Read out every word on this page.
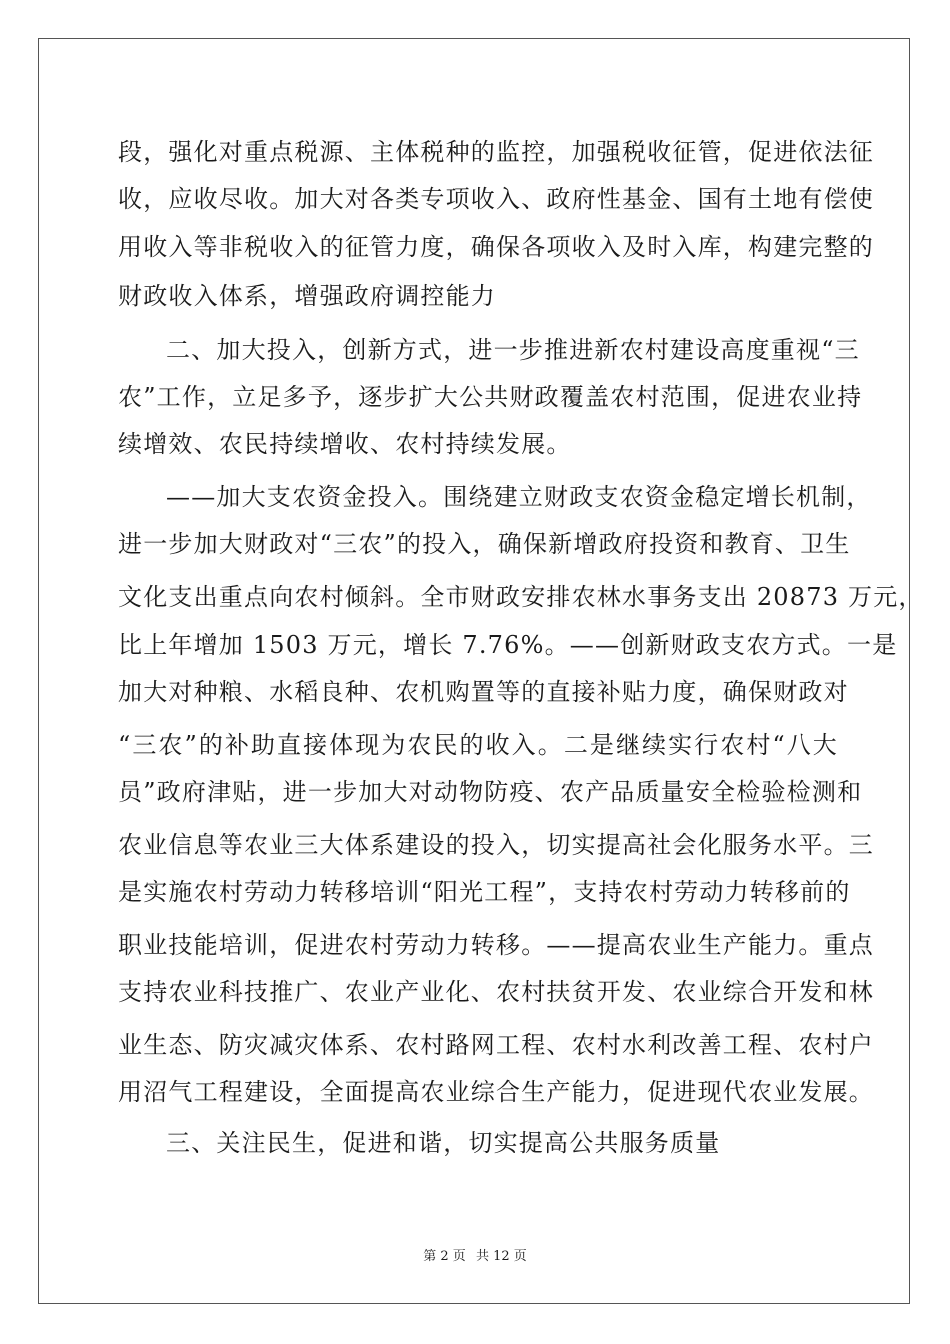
段，强化对重点税源、主体税种的监控，加强税收征管，促进依法征
收，应收尽收。加大对各类专项收入、政府性基金、国有土地有偿使
用收入等非税收入的征管力度，确保各项收入及时入库，构建完整的
财政收入体系，增强政府调控能力
二、加大投入，创新方式，进一步推进新农村建设高度重视“三
农”工作，立足多予，逐步扩大公共财政覆盖农村范围，促进农业持
续增效、农民持续增收、农村持续发展。
——加大支农资金投入。围绕建立财政支农资金稳定增长机制，
进一步加大财政对“三农”的投入，确保新增政府投资和教育、卫生
文化支出重点向农村倾斜。全市财政安排农林水事务支出 20873 万元，
比上年增加 1503 万元，增长 7.76%。——创新财政支农方式。一是
加大对种粮、水稻良种、农机购置等的直接补贴力度，确保财政对
“三农”的补助直接体现为农民的收入。二是继续实行农村“八大
员”政府津贴，进一步加大对动物防疫、农产品质量安全检验检测和
农业信息等农业三大体系建设的投入，切实提高社会化服务水平。三
是实施农村劳动力转移培训“阳光工程”，支持农村劳动力转移前的
职业技能培训，促进农村劳动力转移。——提高农业生产能力。重点
支持农业科技推广、农业产业化、农村扶贫开发、农业综合开发和林
业生态、防灾减灾体系、农村路网工程、农村水利改善工程、农村户
用沼气工程建设，全面提高农业综合生产能力，促进现代农业发展。
三、关注民生，促进和谐，切实提高公共服务质量
第 2 页 共 12 页
